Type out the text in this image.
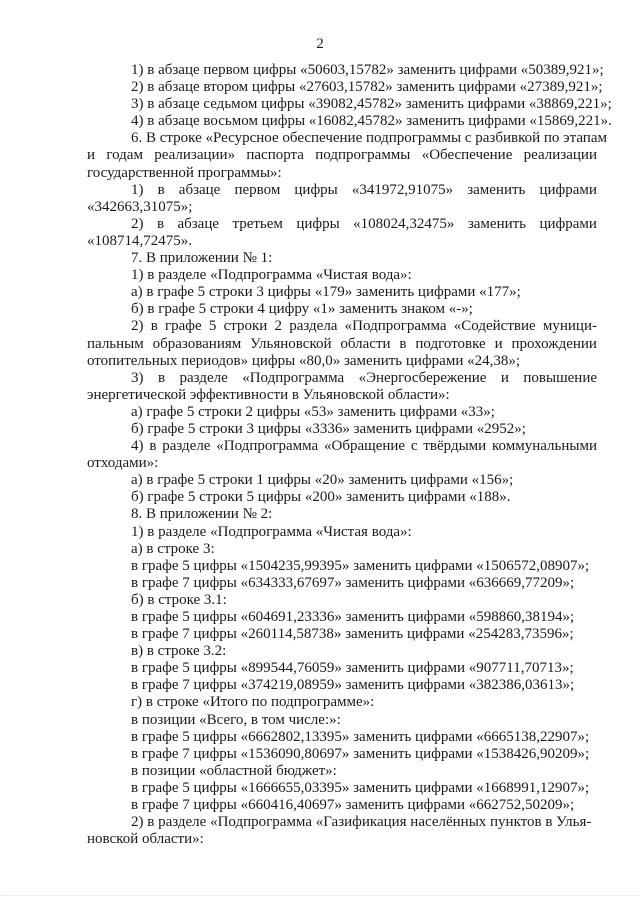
2
1) в абзаце первом цифры «50603,15782» заменить цифрами «50389,921»;
2) в абзаце втором цифры «27603,15782» заменить цифрами «27389,921»;
3) в абзаце седьмом цифры «39082,45782» заменить цифрами «38869,221»;
4) в абзаце восьмом цифры «16082,45782» заменить цифрами «15869,221».
6. В строке «Ресурсное обеспечение подпрограммы с разбивкой по этапам
и годам реализации» паспорта подпрограммы «Обеспечение реализации
государственной программы»:
1) в абзаце первом цифры «341972,91075» заменить цифрами
«342663,31075»;
2) в абзаце третьем цифры «108024,32475» заменить цифрами
«108714,72475».
7. В приложении № 1:
1) в разделе «Подпрограмма «Чистая вода»:
а) в графе 5 строки 3 цифры «179» заменить цифрами «177»;
б) в графе 5 строки 4 цифру «1» заменить знаком «-»;
2) в графе 5 строки 2 раздела «Подпрограмма «Содействие муници-
пальным образованиям Ульяновской области в подготовке и прохождении
отопительных периодов» цифры «80,0» заменить цифрами «24,38»;
3) в разделе «Подпрограмма «Энергосбережение и повышение
энергетической эффективности в Ульяновской области»:
а) графе 5 строки 2 цифры «53» заменить цифрами «33»;
б) графе 5 строки 3 цифры «3336» заменить цифрами «2952»;
4) в разделе «Подпрограмма «Обращение с твёрдыми коммунальными
отходами»:
а) в графе 5 строки 1 цифры «20» заменить цифрами «156»;
б) графе 5 строки 5 цифры «200» заменить цифрами «188».
8. В приложении № 2:
1) в разделе «Подпрограмма «Чистая вода»:
а) в строке 3:
в графе 5 цифры «1504235,99395» заменить цифрами «1506572,08907»;
в графе 7 цифры «634333,67697» заменить цифрами «636669,77209»;
б) в строке 3.1:
в графе 5 цифры «604691,23336» заменить цифрами «598860,38194»;
в графе 7 цифры «260114,58738» заменить цифрами «254283,73596»;
в) в строке 3.2:
в графе 5 цифры «899544,76059» заменить цифрами «907711,70713»;
в графе 7 цифры «374219,08959» заменить цифрами «382386,03613»;
г) в строке «Итого по подпрограмме»:
в позиции «Всего, в том числе:»:
в графе 5 цифры «6662802,13395» заменить цифрами «6665138,22907»;
в графе 7 цифры «1536090,80697» заменить цифрами «1538426,90209»;
в позиции «областной бюджет»:
в графе 5 цифры «1666655,03395» заменить цифрами «1668991,12907»;
в графе 7 цифры «660416,40697» заменить цифрами «662752,50209»;
2) в разделе «Подпрограмма «Газификация населённых пунктов в Улья-
новской области»:
